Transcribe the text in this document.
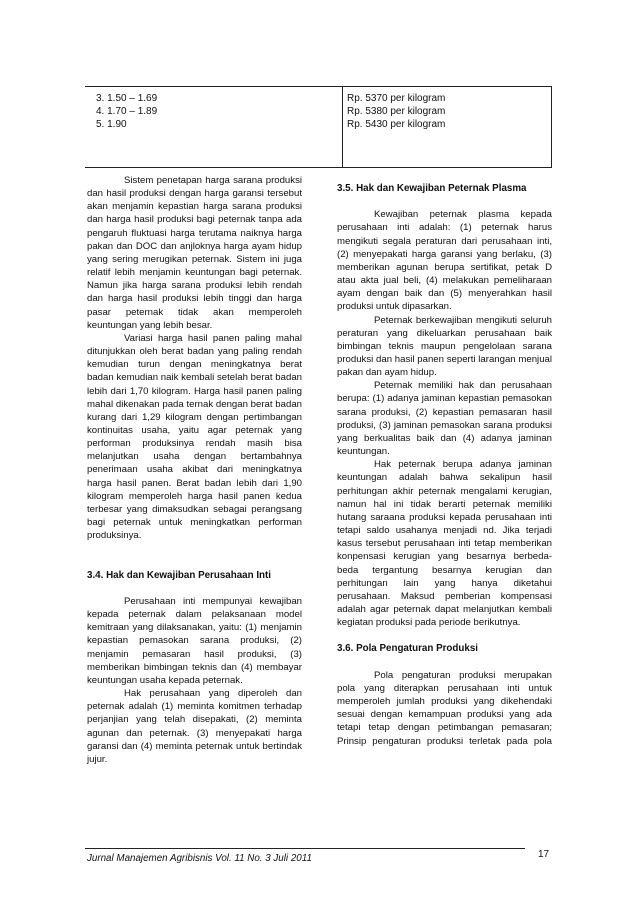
3. 1.50 – 1.69
4. 1.70 – 1.89
5. 1.90
Rp. 5370 per kilogram
Rp. 5380 per kilogram
Rp. 5430 per kilogram

Sistem penetapan harga sarana produksi dan hasil produksi dengan harga garansi tersebut akan menjamin kepastian harga sarana produksi dan harga hasil produksi bagi peternak tanpa ada pengaruh fluktuasi harga terutama naiknya harga pakan dan DOC dan anjloknya harga ayam hidup yang sering merugikan peternak. Sistem ini juga relatif lebih menjamin keuntungan bagi peternak. Namun jika harga sarana produksi lebih rendah dan harga hasil produksi lebih tinggi dan harga pasar peternak tidak akan memperoleh keuntungan yang lebih besar.

Variasi harga hasil panen paling mahal ditunjukkan oleh berat badan yang paling rendah kemudian turun dengan meningkatnya berat badan kemudian naik kembali setelah berat badan lebih dari 1,70 kilogram. Harga hasil panen paling mahal dikenakan pada ternak dengan berat badan kurang dari 1,29 kilogram dengan pertimbangan kontinuitas usaha, yaitu agar peternak yang performan produksinya rendah masih bisa melanjutkan usaha dengan bertambahnya penerimaan usaha akibat dari meningkatnya harga hasil panen. Berat badan lebih dari 1,90 kilogram memperoleh harga hasil panen kedua terbesar yang dimaksudkan sebagai perangsang bagi peternak untuk meningkatkan performan produksinya.

3.4. Hak dan Kewajiban Perusahaan Inti

Perusahaan inti mempunyai kewajiban kepada peternak dalam pelaksanaan model kemitraan yang dilaksanakan, yaitu: (1) menjamin kepastian pemasokan sarana produksi, (2) menjamin pemasaran hasil produksi, (3) memberikan bimbingan teknis dan (4) membayar keuntungan usaha kepada peternak.

Hak perusahaan yang diperoleh dan peternak adalah (1) meminta komitmen terhadap perjanjian yang telah disepakati, (2) meminta agunan dan peternak. (3) menyepakati harga garansi dan (4) meminta peternak untuk bertindak jujur.

3.5. Hak dan Kewajiban Peternak Plasma

Kewajiban peternak plasma kepada perusahaan inti adalah: (1) peternak harus mengikuti segala peraturan dari perusahaan inti, (2) menyepakati harga garansi yang berlaku, (3) memberikan agunan berupa sertifikat, petak D atau akta jual beli, (4) melakukan pemeliharaan ayam dengan baik dan (5) menyerahkan hasil produksi untuk dipasarkan.

Peternak berkewajiban mengikuti seluruh peraturan yang dikeluarkan perusahaan baik bimbingan teknis maupun pengelolaan sarana produksi dan hasil panen seperti larangan menjual pakan dan ayam hidup.

Peternak memiliki hak dan perusahaan berupa: (1) adanya jaminan kepastian pemasokan sarana produksi, (2) kepastian pemasaran hasil produksi, (3) jaminan pemasokan sarana produksi yang berkualitas baik dan (4) adanya jaminan keuntungan.

Hak peternak berupa adanya jaminan keuntungan adalah bahwa sekalipun hasil perhitungan akhir peternak mengalami kerugian, namun hal ini tidak berarti peternak memiliki hutang saraana produksi kepada perusahaan inti tetapi saldo usahanya menjadi nd. Jika terjadi kasus tersebut perusahaan inti tetap memberikan konpensasi kerugian yang besarnya berbeda-beda tergantung besarnya kerugian dan perhitungan lain yang hanya diketahui perusahaan. Maksud pemberian kompensasi adalah agar peternak dapat melanjutkan kembali kegiatan produksi pada periode berikutnya.

3.6. Pola Pengaturan Produksi

Pola pengaturan produksi merupakan pola yang diterapkan perusahaan inti untuk memperoleh jumlah produksi yang dikehendaki sesuai dengan kemampuan produksi yang ada tetapi tetap dengan petimbangan pemasaran; Prinsip pengaturan produksi terletak pada pola

Jurnal Manajemen Agribisnis Vol. 11 No. 3 Juli 2011	17
